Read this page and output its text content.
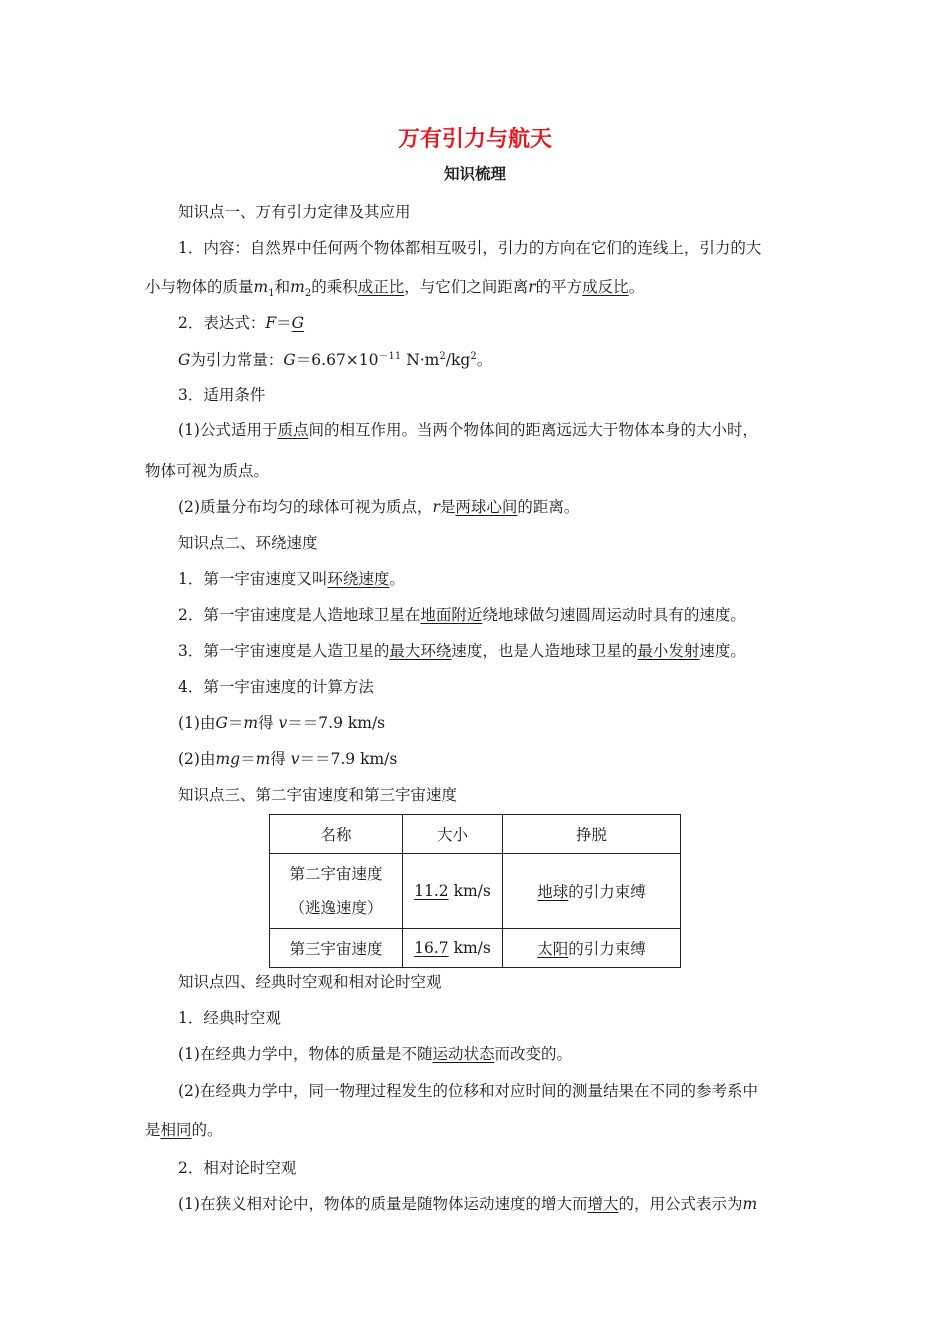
万有引力与航天
知识梳理
知识点一、万有引力定律及其应用
1．内容：自然界中任何两个物体都相互吸引，引力的方向在它们的连线上，引力的大
小与物体的质量$m_1$和$m_2$的乘积成正比，与它们之间距离r的平方成反比。
2．表达式：F＝G
G为引力常量：$G=6.67\times 10^{-11}$ $N\cdot m^2/kg^2$。
3．适用条件
(1)公式适用于质点间的相互作用。当两个物体间的距离远远大于物体本身的大小时，
物体可视为质点。
(2)质量分布均匀的球体可视为质点，r是两球心间的距离。
知识点二、环绕速度
1．第一宇宙速度又叫环绕速度。
2．第一宇宙速度是人造地球卫星在地面附近绕地球做匀速圆周运动时具有的速度。
3．第一宇宙速度是人造卫星的最大环绕速度，也是人造地球卫星的最小发射速度。
4．第一宇宙速度的计算方法
(1)由G＝m得 v＝＝7.9 km/s
(2)由mg＝m得 v＝＝7.9 km/s
知识点三、第二宇宙速度和第三宇宙速度
名称	大小	挣脱

第二宇宙速度
（逃逸速度）	11.2 km/s	地球的引力束缚
第三宇宙速度	16.7 km/s	太阳的引力束缚
知识点四、经典时空观和相对论时空观
1．经典时空观
(1)在经典力学中，物体的质量是不随运动状态而改变的。
(2)在经典力学中，同一物理过程发生的位移和对应时间的测量结果在不同的参考系中
是相同的。
2．相对论时空观
(1)在狭义相对论中，物体的质量是随物体运动速度的增大而增大的，用公式表示为m
